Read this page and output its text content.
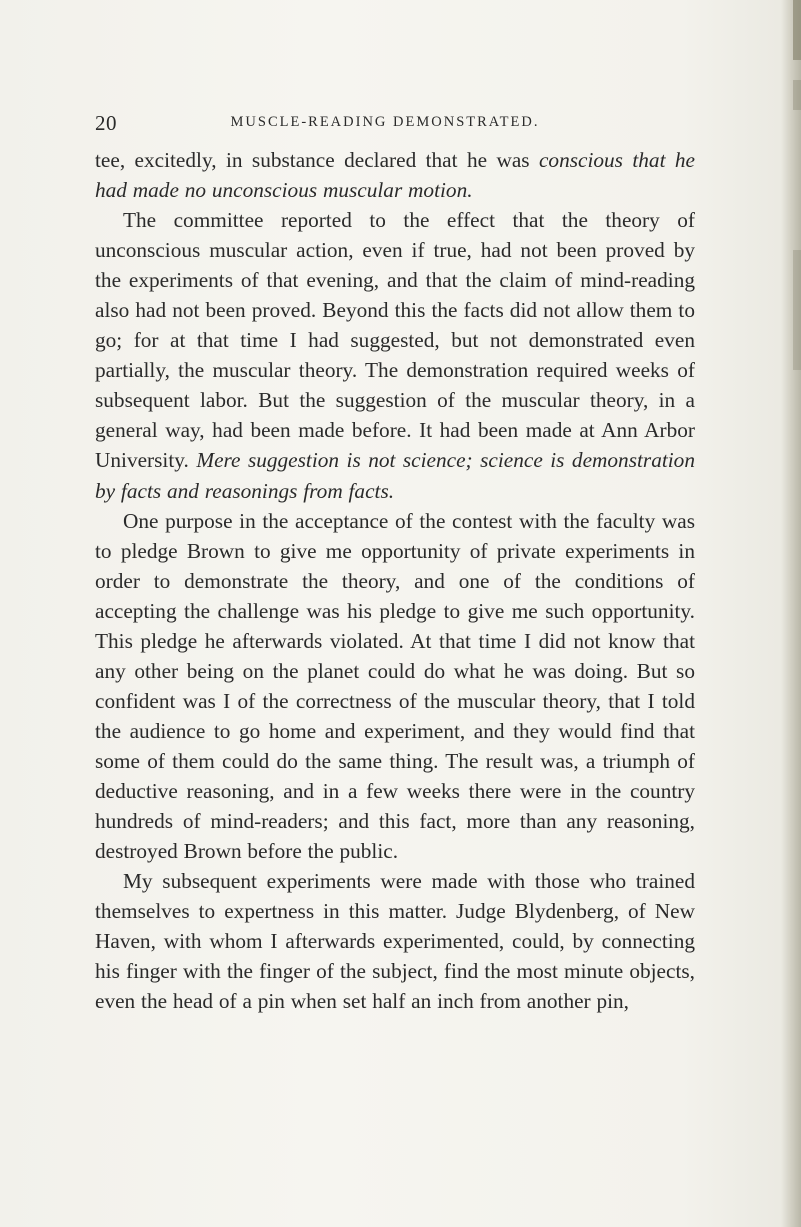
20	MUSCLE-READING DEMONSTRATED.

tee, excitedly, in substance declared that he was conscious that he had made no unconscious muscular motion.

The committee reported to the effect that the theory of unconscious muscular action, even if true, had not been proved by the experiments of that evening, and that the claim of mind-reading also had not been proved. Beyond this the facts did not allow them to go; for at that time I had suggested, but not demonstrated even partially, the muscular theory. The demonstration required weeks of subsequent labor. But the suggestion of the muscular theory, in a general way, had been made before. It had been made at Ann Arbor University. Mere suggestion is not science; science is demonstration by facts and reasonings from facts.

One purpose in the acceptance of the contest with the faculty was to pledge Brown to give me opportunity of private experiments in order to demonstrate the theory, and one of the conditions of accepting the challenge was his pledge to give me such opportunity. This pledge he afterwards violated. At that time I did not know that any other being on the planet could do what he was doing. But so confident was I of the correctness of the muscular theory, that I told the audience to go home and experiment, and they would find that some of them could do the same thing. The result was, a triumph of deductive reasoning, and in a few weeks there were in the country hundreds of mind-readers; and this fact, more than any reasoning, destroyed Brown before the public.

My subsequent experiments were made with those who trained themselves to expertness in this matter. Judge Blydenberg, of New Haven, with whom I afterwards experimented, could, by connecting his finger with the finger of the subject, find the most minute objects, even the head of a pin when set half an inch from another pin,
